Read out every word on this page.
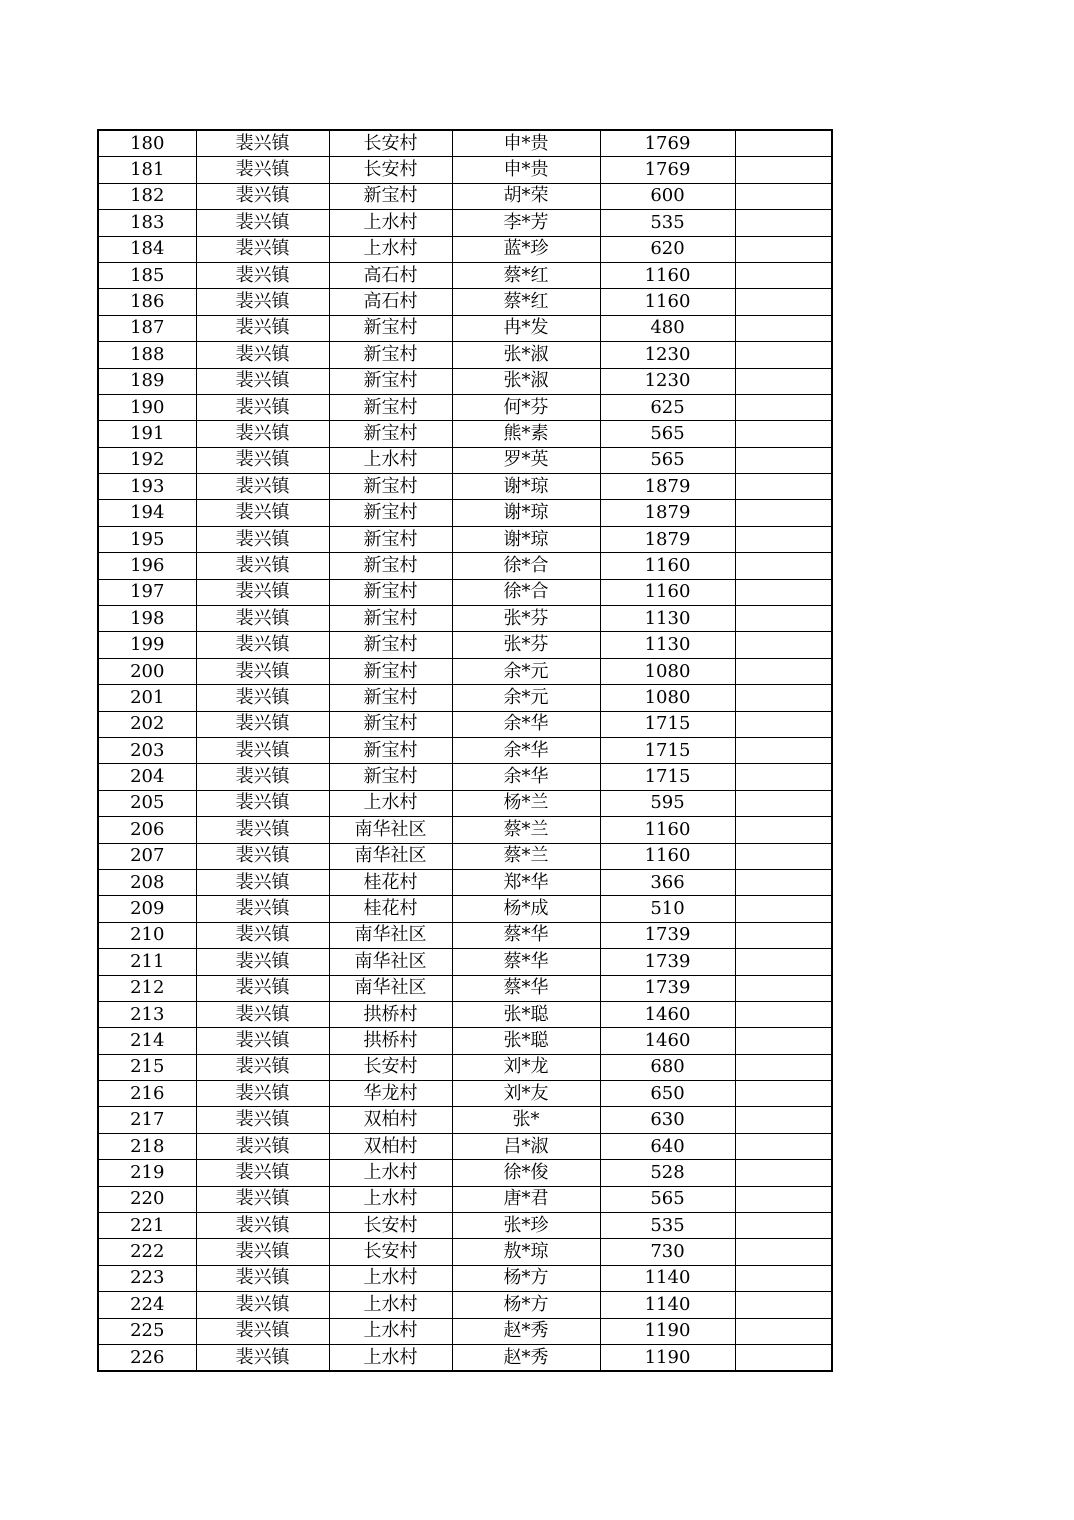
180	裴兴镇	长安村	申*贵	1769	
181	裴兴镇	长安村	申*贵	1769	
182	裴兴镇	新宝村	胡*荣	600	
183	裴兴镇	上水村	李*芳	535	
184	裴兴镇	上水村	蓝*珍	620	
185	裴兴镇	高石村	蔡*红	1160	
186	裴兴镇	高石村	蔡*红	1160	
187	裴兴镇	新宝村	冉*发	480	
188	裴兴镇	新宝村	张*淑	1230	
189	裴兴镇	新宝村	张*淑	1230	
190	裴兴镇	新宝村	何*芬	625	
191	裴兴镇	新宝村	熊*素	565	
192	裴兴镇	上水村	罗*英	565	
193	裴兴镇	新宝村	谢*琼	1879	
194	裴兴镇	新宝村	谢*琼	1879	
195	裴兴镇	新宝村	谢*琼	1879	
196	裴兴镇	新宝村	徐*合	1160	
197	裴兴镇	新宝村	徐*合	1160	
198	裴兴镇	新宝村	张*芬	1130	
199	裴兴镇	新宝村	张*芬	1130	
200	裴兴镇	新宝村	余*元	1080	
201	裴兴镇	新宝村	余*元	1080	
202	裴兴镇	新宝村	余*华	1715	
203	裴兴镇	新宝村	余*华	1715	
204	裴兴镇	新宝村	余*华	1715	
205	裴兴镇	上水村	杨*兰	595	
206	裴兴镇	南华社区	蔡*兰	1160	
207	裴兴镇	南华社区	蔡*兰	1160	
208	裴兴镇	桂花村	郑*华	366	
209	裴兴镇	桂花村	杨*成	510	
210	裴兴镇	南华社区	蔡*华	1739	
211	裴兴镇	南华社区	蔡*华	1739	
212	裴兴镇	南华社区	蔡*华	1739	
213	裴兴镇	拱桥村	张*聪	1460	
214	裴兴镇	拱桥村	张*聪	1460	
215	裴兴镇	长安村	刘*龙	680	
216	裴兴镇	华龙村	刘*友	650	
217	裴兴镇	双柏村	张*	630	
218	裴兴镇	双柏村	吕*淑	640	
219	裴兴镇	上水村	徐*俊	528	
220	裴兴镇	上水村	唐*君	565	
221	裴兴镇	长安村	张*珍	535	
222	裴兴镇	长安村	敖*琼	730	
223	裴兴镇	上水村	杨*方	1140	
224	裴兴镇	上水村	杨*方	1140	
225	裴兴镇	上水村	赵*秀	1190	
226	裴兴镇	上水村	赵*秀	1190	
